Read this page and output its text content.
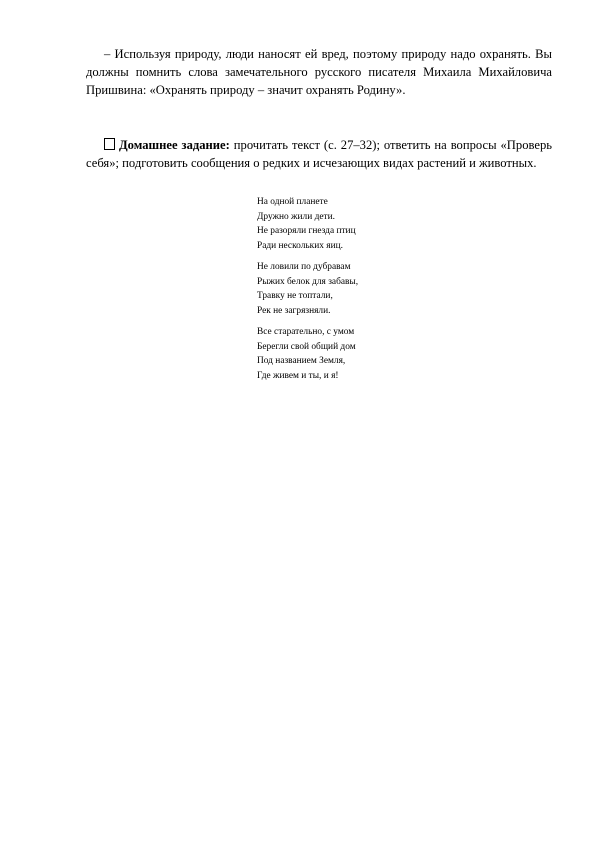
– Используя природу, люди наносят ей вред, поэтому природу надо охранять. Вы должны помнить слова замечательного русского писателя Михаила Михайловича Пришвина: «Охранять природу – значит охранять Родину».

Домашнее задание: прочитать текст (с. 27–32); ответить на вопросы «Проверь себя»; подготовить сообщения о редких и исчезающих видах растений и животных.

На одной планете
Дружно жили дети.
Не разоряли гнезда птиц
Ради нескольких яиц.
Не ловили по дубравам
Рыжих белок для забавы,
Травку не топтали,
Рек не загрязняли.
Все старательно, с умом
Берегли свой общий дом
Под названием Земля,
Где живем и ты, и я!
